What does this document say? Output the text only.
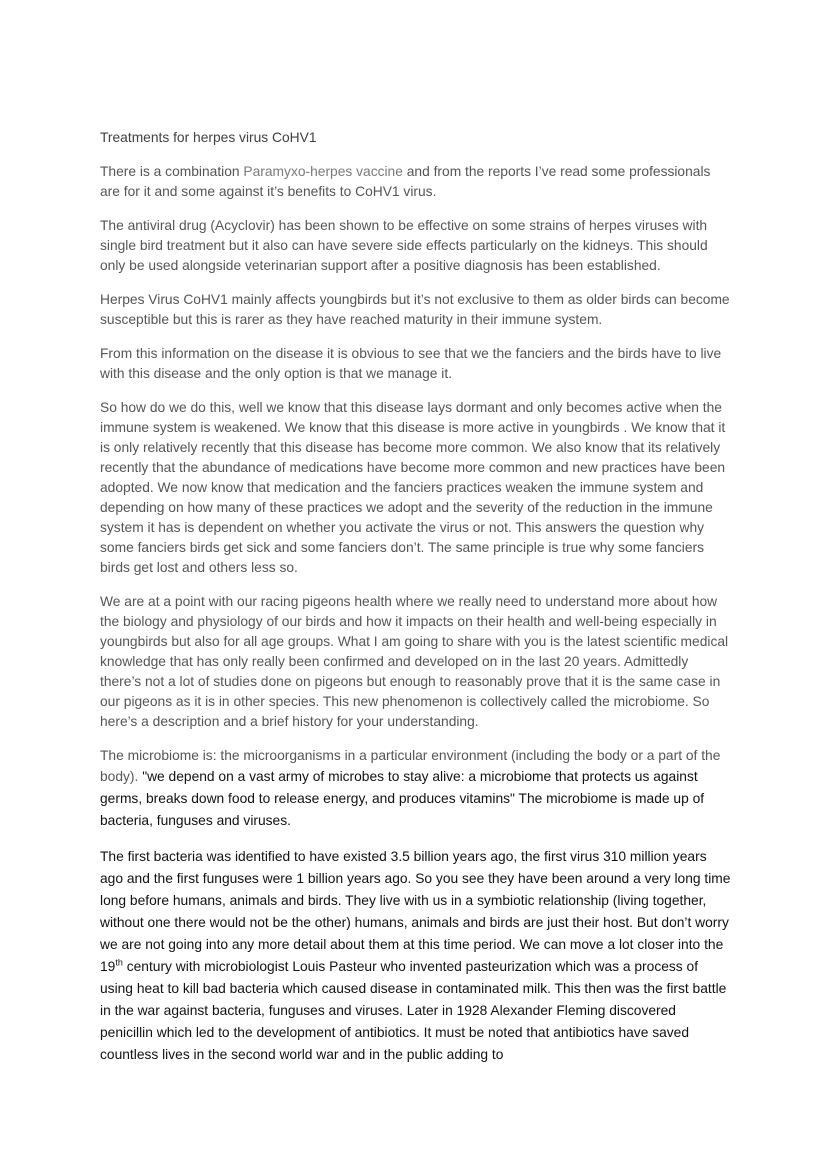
Treatments for herpes virus CoHV1

There is a combination Paramyxo-herpes vaccine and from the reports I’ve read some professionals are for it and some against it’s benefits to CoHV1 virus.

The antiviral drug (Acyclovir) has been shown to be effective on some strains of herpes viruses with single bird treatment but it also can have severe side effects particularly on the kidneys. This should only be used alongside veterinarian support after a positive diagnosis has been established.

Herpes Virus CoHV1 mainly affects youngbirds but it’s not exclusive to them as older birds can become susceptible but this is rarer as they have reached maturity in their immune system.

From this information on the disease it is obvious to see that we the fanciers and the birds have to live with this disease and the only option is that we manage it.

So how do we do this, well we know that this disease lays dormant and only becomes active when the immune system is weakened. We know that this disease is more active in youngbirds . We know that it is only relatively recently that this disease has become more common. We also know that its relatively recently that the abundance of medications have become more common and new practices have been adopted. We now know that medication and the fanciers practices weaken the immune system and depending on how many of these practices we adopt and the severity of the reduction in the immune system it has is dependent on whether you activate the virus or not. This answers the question why some fanciers birds get sick and some fanciers don’t. The same principle is true why some fanciers birds get lost and others less so.

We are at a point with our racing pigeons health where we really need to understand more about how the biology and physiology of our birds and how it impacts on their health and well-being especially in youngbirds but also for all age groups. What I am going to share with you is the latest scientific medical knowledge that has only really been confirmed and developed on in the last 20 years. Admittedly there’s not a lot of studies done on pigeons but enough to reasonably prove that it is the same case in our pigeons as it is in other species. This new phenomenon is collectively called the microbiome. So here’s a description and a brief history for your understanding.

The microbiome is: the microorganisms in a particular environment (including the body or a part of the body). "we depend on a vast army of microbes to stay alive: a microbiome that protects us against germs, breaks down food to release energy, and produces vitamins" The microbiome is made up of bacteria, funguses and viruses.

The first bacteria was identified to have existed 3.5 billion years ago, the first virus 310 million years ago and the first funguses were 1 billion years ago. So you see they have been around a very long time long before humans, animals and birds. They live with us in a symbiotic relationship (living together, without one there would not be the other) humans, animals and birds are just their host. But don’t worry we are not going into any more detail about them at this time period. We can move a lot closer into the 19th century with microbiologist Louis Pasteur who invented pasteurization which was a process of using heat to kill bad bacteria which caused disease in contaminated milk. This then was the first battle in the war against bacteria, funguses and viruses. Later in 1928 Alexander Fleming discovered penicillin which led to the development of antibiotics. It must be noted that antibiotics have saved countless lives in the second world war and in the public adding to
